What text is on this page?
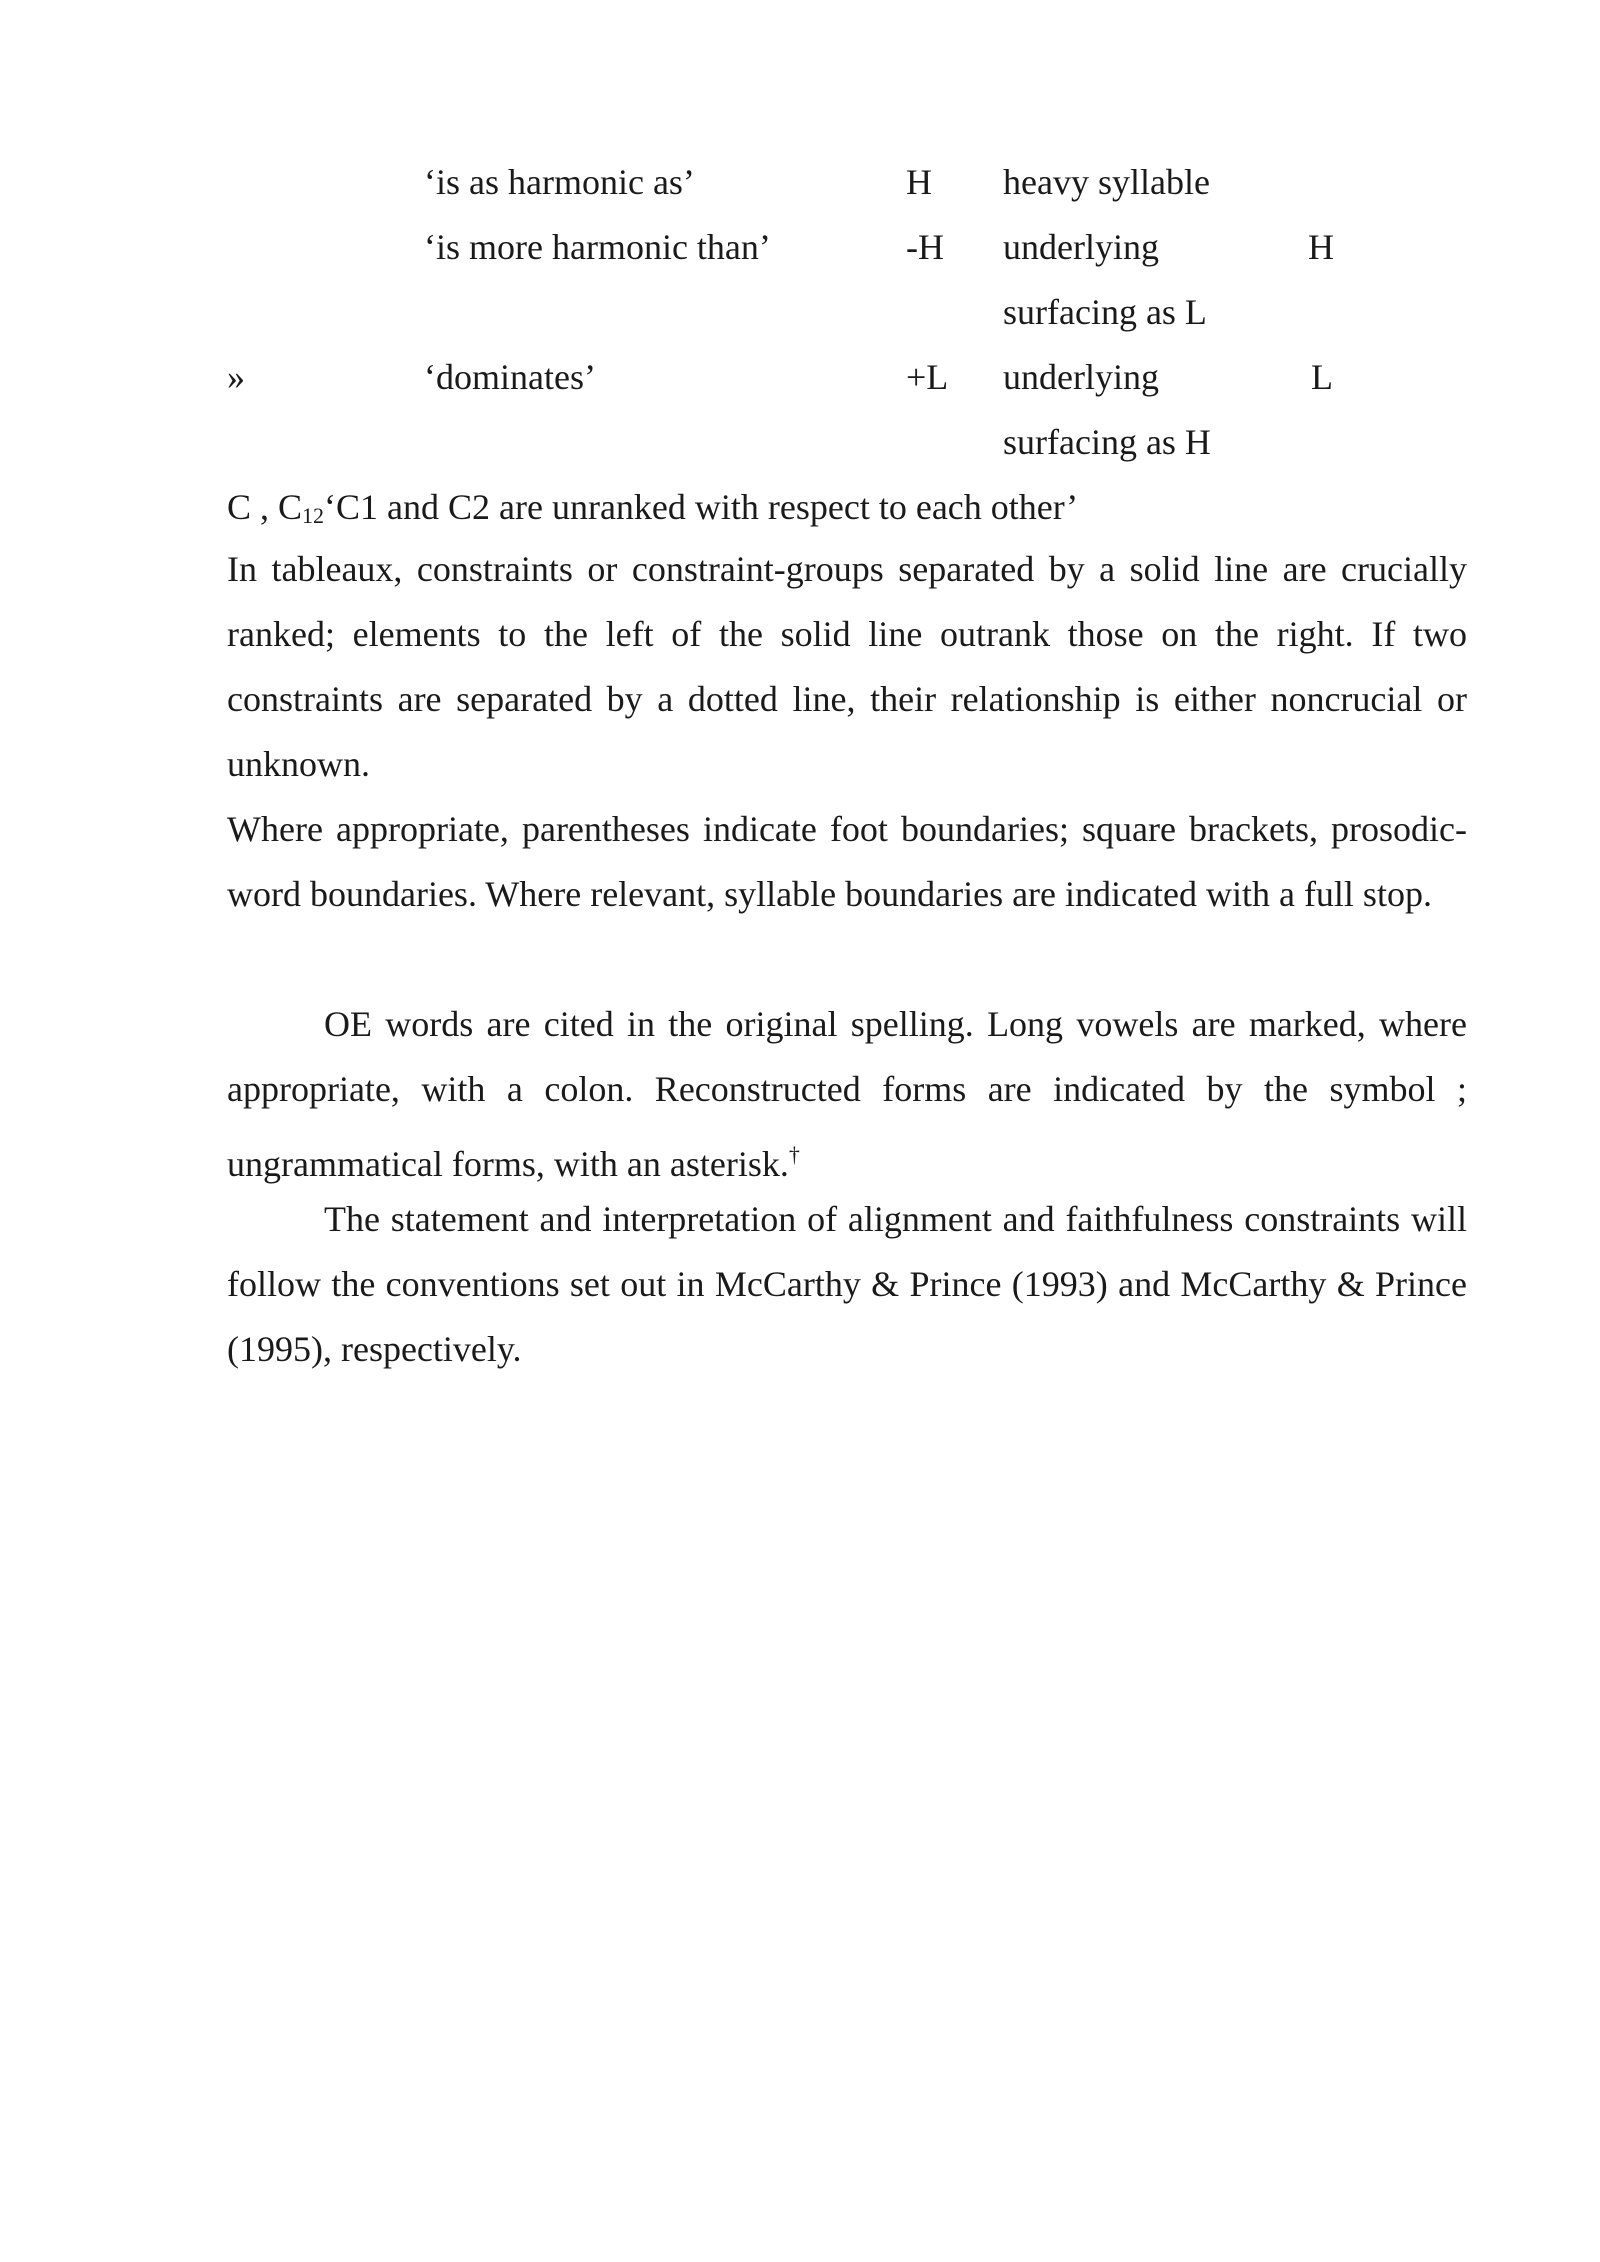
‘is as harmonic as’	H heavy syllable
‘is more harmonic than’	-H underlying	H
surfacing as L
»	‘dominates’	+L underlying	L
surfacing as H
C , $C_{12}‘C1$ and C2 are unranked with respect to each other’

In tableaux, constraints or constraint-groups separated by a solid line are crucially ranked; elements to the left of the solid line outrank those on the right. If two constraints are separated by a dotted line, their relationship is either noncrucial or unknown.

Where appropriate, parentheses indicate foot boundaries; square brackets, prosodic-word boundaries. Where relevant, syllable boundaries are indicated with a full stop.

OE words are cited in the original spelling. Long vowels are marked, where appropriate, with a colon. Reconstructed forms are indicated by the symbol ; ungrammatical forms, with an asterisk.†

The statement and interpretation of alignment and faithfulness constraints will follow the conventions set out in McCarthy & Prince (1993) and McCarthy & Prince (1995), respectively.
